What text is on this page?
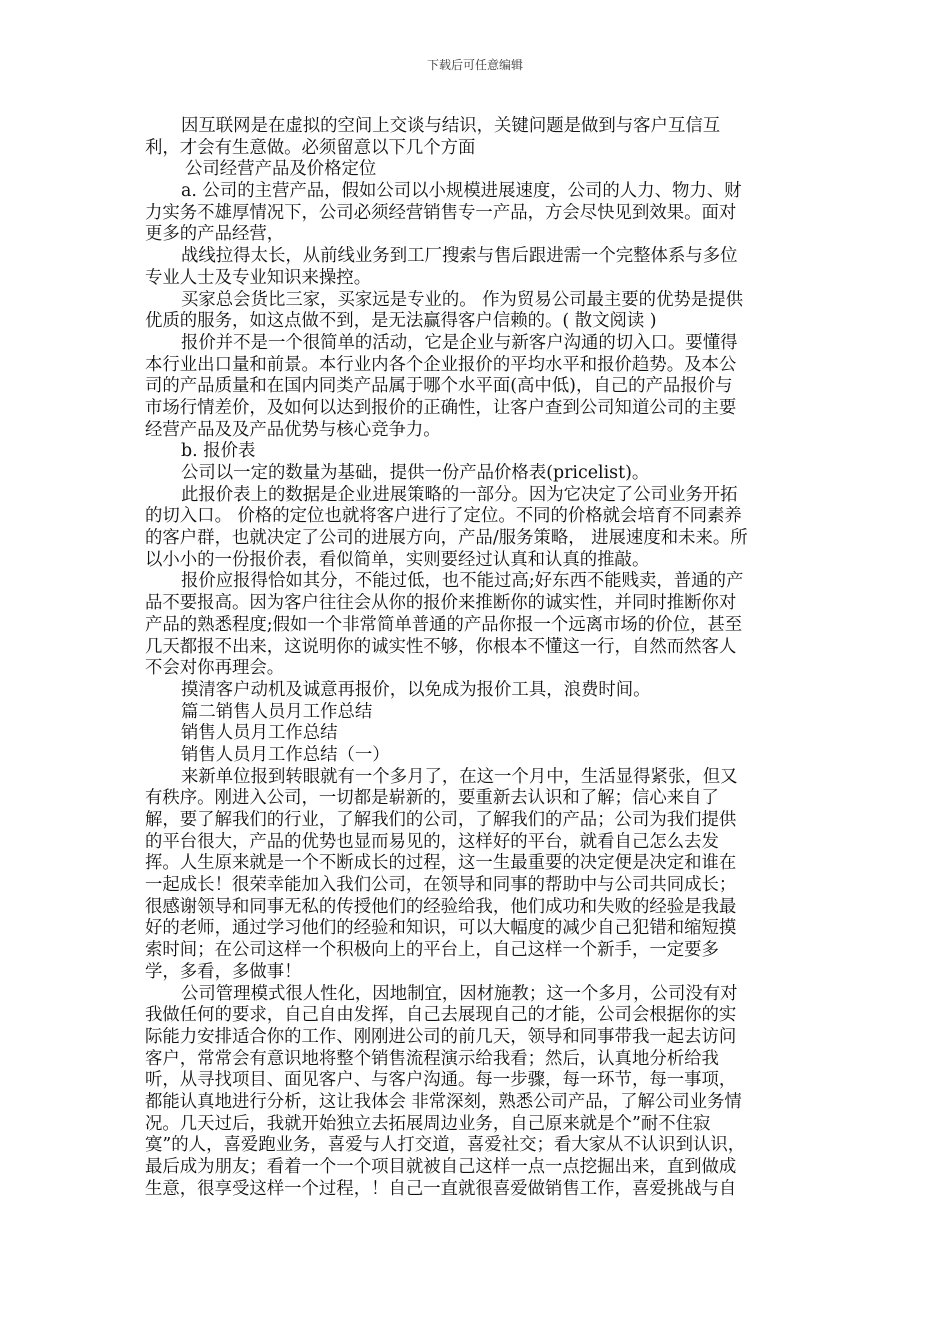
下载后可任意编辑
因互联网是在虚拟的空间上交谈与结识，关键问题是做到与客户互信互
利，才会有生意做。必须留意以下几个方面
公司经营产品及价格定位
a. 公司的主营产品，假如公司以小规模进展速度，公司的人力、物力、财
力实务不雄厚情况下，公司必须经营销售专一产品，方会尽快见到效果。面对
更多的产品经营，
战线拉得太长，从前线业务到工厂搜索与售后跟进需一个完整体系与多位
专业人士及专业知识来操控。
买家总会货比三家，买家远是专业的。 作为贸易公司最主要的优势是提供
优质的服务，如这点做不到，是无法赢得客户信赖的。( 散文阅读 )
报价并不是一个很简单的活动，它是企业与新客户沟通的切入口。要懂得
本行业出口量和前景。本行业内各个企业报价的平均水平和报价趋势。及本公
司的产品质量和在国内同类产品属于哪个水平面(高中低)，自己的产品报价与
市场行情差价，及如何以达到报价的正确性，让客户查到公司知道公司的主要
经营产品及及产品优势与核心竞争力。
b. 报价表
公司以一定的数量为基础，提供一份产品价格表(pricelist)。
此报价表上的数据是企业进展策略的一部分。因为它决定了公司业务开拓
的切入口。 价格的定位也就将客户进行了定位。不同的价格就会培育不同素养
的客户群，也就决定了公司的进展方向，产品/服务策略， 进展速度和未来。所
以小小的一份报价表，看似简单，实则要经过认真和认真的推敲。
报价应报得恰如其分，不能过低，也不能过高;好东西不能贱卖，普通的产
品不要报高。因为客户往往会从你的报价来推断你的诚实性，并同时推断你对
产品的熟悉程度;假如一个非常简单普通的产品你报一个远离市场的价位，甚至
几天都报不出来，这说明你的诚实性不够，你根本不懂这一行，自然而然客人
不会对你再理会。
摸清客户动机及诚意再报价，以免成为报价工具，浪费时间。
篇二销售人员月工作总结
销售人员月工作总结
销售人员月工作总结（一）
来新单位报到转眼就有一个多月了，在这一个月中，生活显得紧张，但又
有秩序。刚进入公司，一切都是崭新的，要重新去认识和了解；信心来自了
解，要了解我们的行业，了解我们的公司，了解我们的产品；公司为我们提供
的平台很大，产品的优势也显而易见的，这样好的平台，就看自己怎么去发
挥。人生原来就是一个不断成长的过程，这一生最重要的决定便是决定和谁在
一起成长！很荣幸能加入我们公司，在领导和同事的帮助中与公司共同成长；
很感谢领导和同事无私的传授他们的经验给我，他们成功和失败的经验是我最
好的老师，通过学习他们的经验和知识，可以大幅度的减少自己犯错和缩短摸
索时间；在公司这样一个积极向上的平台上，自己这样一个新手，一定要多
学，多看，多做事！
公司管理模式很人性化，因地制宜，因材施教；这一个多月，公司没有对
我做任何的要求，自己自由发挥，自己去展现自己的才能，公司会根据你的实
际能力安排适合你的工作、刚刚进公司的前几天，领导和同事带我一起去访问
客户，常常会有意识地将整个销售流程演示给我看；然后，认真地分析给我
听，从寻找项目、面见客户、与客户沟通。每一步骤，每一环节，每一事项，
都能认真地进行分析，这让我体会 非常深刻，熟悉公司产品，了解公司业务情
况。几天过后，我就开始独立去拓展周边业务，自己原来就是个”耐不住寂
寞”的人，喜爱跑业务，喜爱与人打交道，喜爱社交；看大家从不认识到认识，
最后成为朋友；看着一个一个项目就被自己这样一点一点挖掘出来，直到做成
生意，很享受这样一个过程，！自己一直就很喜爱做销售工作，喜爱挑战与自
